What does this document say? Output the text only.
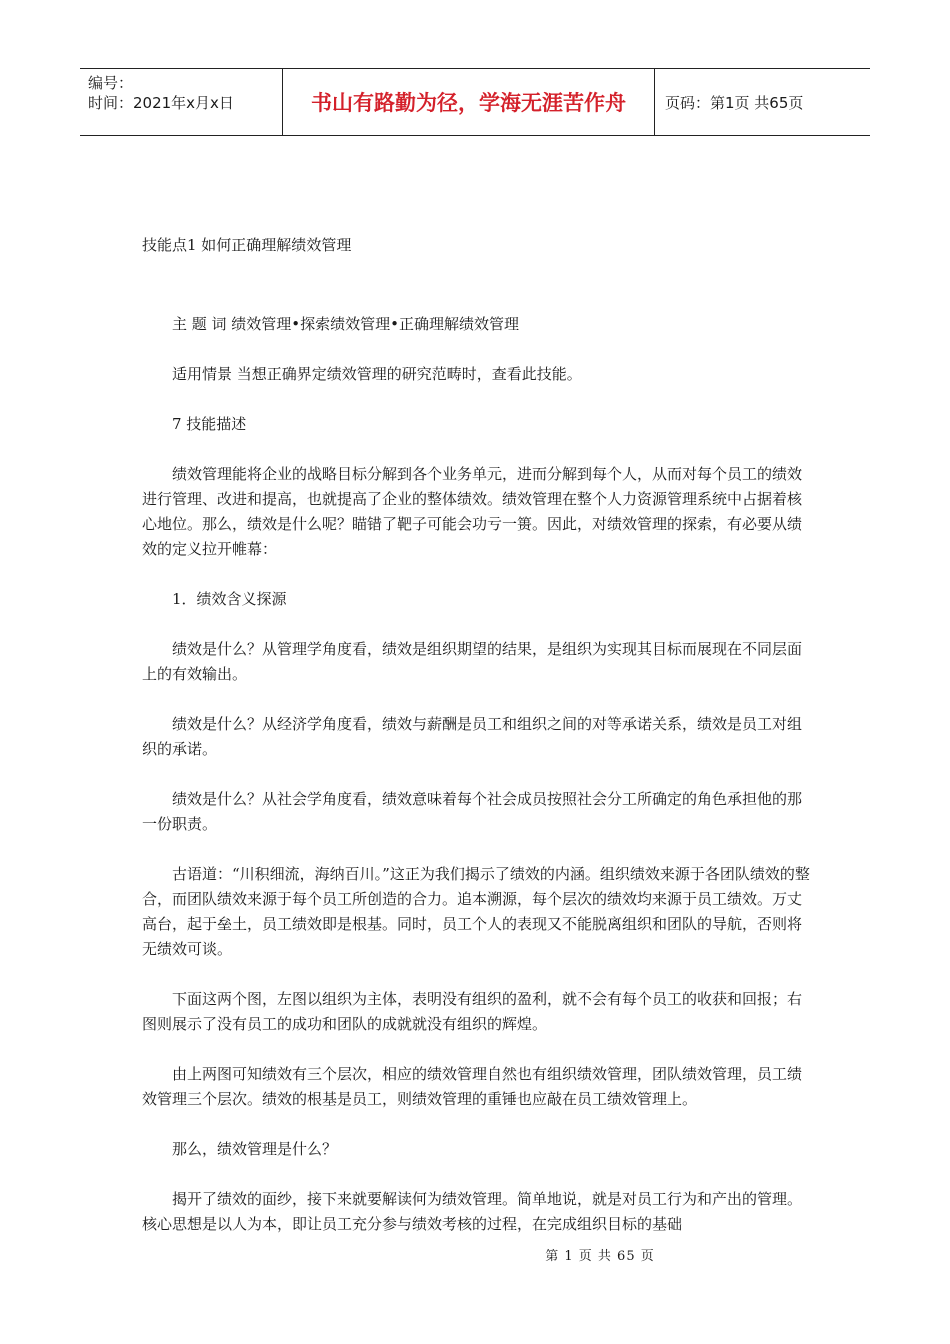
编号：
时间：2021年x月x日	书山有路勤为径，学海无涯苦作舟	页码：第1页 共65页

技能点1 如何正确理解绩效管理

主 题 词 绩效管理•探索绩效管理•正确理解绩效管理

适用情景 当想正确界定绩效管理的研究范畴时，查看此技能。

7 技能描述

绩效管理能将企业的战略目标分解到各个业务单元，进而分解到每个人，从而对每个员工的绩效进行管理、改进和提高，也就提高了企业的整体绩效。绩效管理在整个人力资源管理系统中占据着核心地位。那么，绩效是什么呢？瞄错了靶子可能会功亏一篑。因此，对绩效管理的探索，有必要从绩效的定义拉开帷幕：

1．绩效含义探源

绩效是什么？从管理学角度看，绩效是组织期望的结果，是组织为实现其目标而展现在不同层面上的有效输出。

绩效是什么？从经济学角度看，绩效与薪酬是员工和组织之间的对等承诺关系，绩效是员工对组织的承诺。

绩效是什么？从社会学角度看，绩效意味着每个社会成员按照社会分工所确定的角色承担他的那一份职责。

古语道：“川积细流，海纳百川。”这正为我们揭示了绩效的内涵。组织绩效来源于各团队绩效的整合，而团队绩效来源于每个员工所创造的合力。追本溯源，每个层次的绩效均来源于员工绩效。万丈高台，起于垒土，员工绩效即是根基。同时，员工个人的表现又不能脱离组织和团队的导航，否则将无绩效可谈。

下面这两个图，左图以组织为主体，表明没有组织的盈利，就不会有每个员工的收获和回报；右图则展示了没有员工的成功和团队的成就就没有组织的辉煌。

由上两图可知绩效有三个层次，相应的绩效管理自然也有组织绩效管理，团队绩效管理，员工绩效管理三个层次。绩效的根基是员工，则绩效管理的重锤也应敲在员工绩效管理上。

那么，绩效管理是什么？

揭开了绩效的面纱，接下来就要解读何为绩效管理。简单地说，就是对员工行为和产出的管理。核心思想是以人为本，即让员工充分参与绩效考核的过程，在完成组织目标的基础

第 1 页 共 65 页
